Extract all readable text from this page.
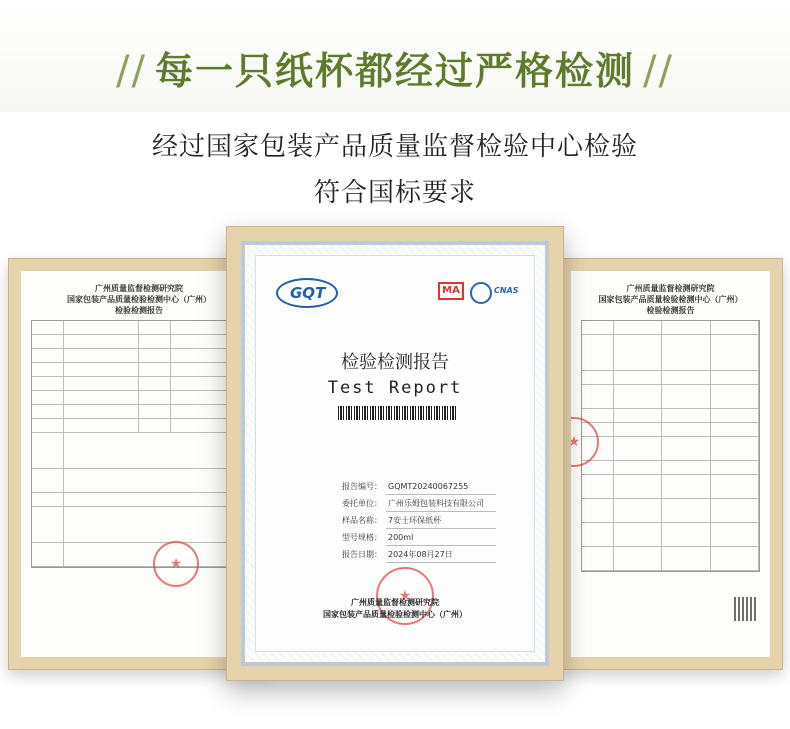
// 每一只纸杯都经过严格检测 //
经过国家包装产品质量监督检验中心检验
符合国标要求
广州质量监督检测研究院
国家包装产品质量检验检测中心（广州）
检验检测报告
★
广州质量监督检测研究院
国家包装产品质量检验检测中心（广州）
检验检测报告
★
GQT	MA	CNAS
检验检测报告
Test Report
报告编号： GQMT20240067255
委托单位： 广州乐姆包装科技有限公司
样品名称： 7安士环保纸杯
型号规格： 200ml
报告日期： 2024年08月27日
★
广州质量监督检测研究院
国家包装产品质量检验检测中心（广州）
